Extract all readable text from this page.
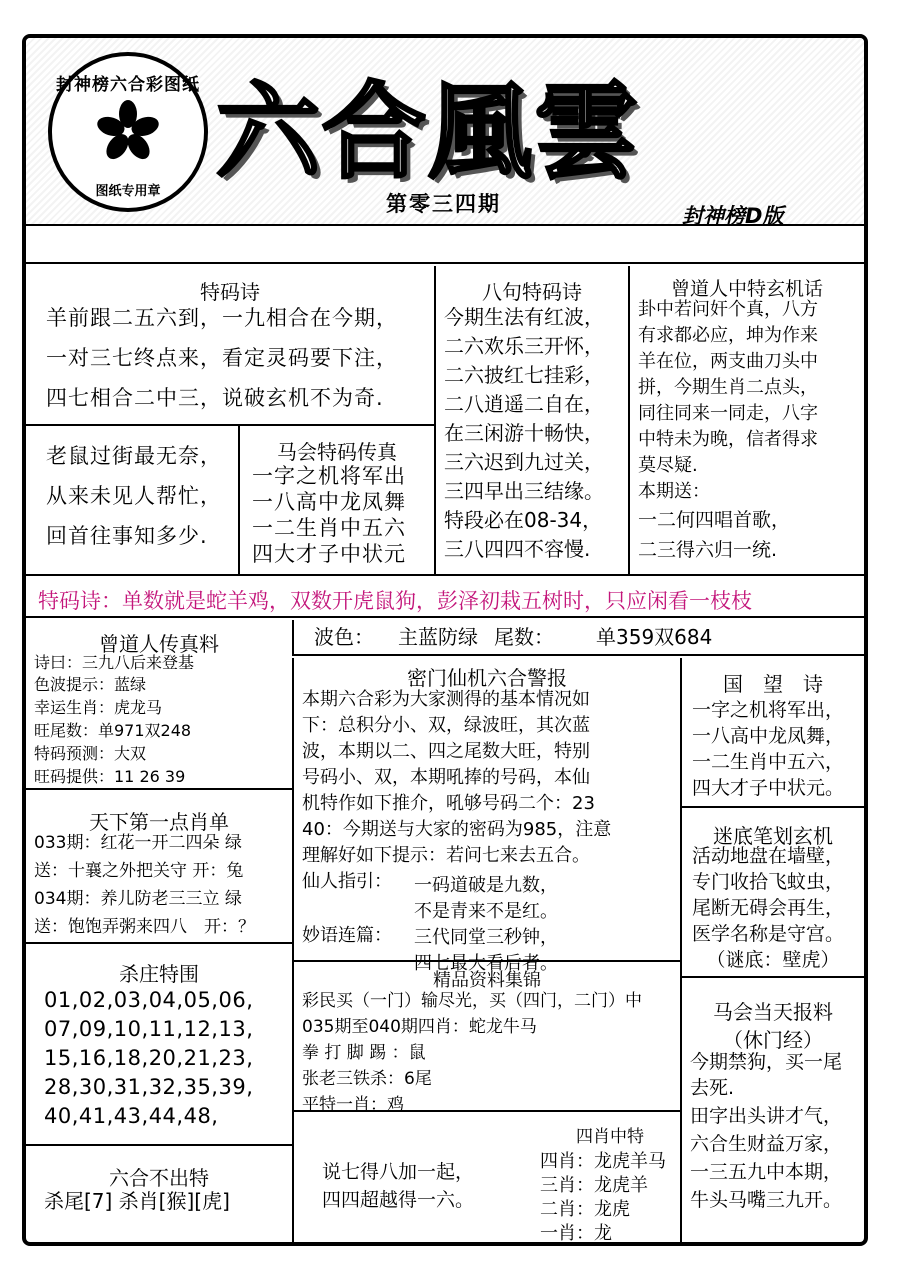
封神榜六合彩图纸
图纸专用章 六合風雲
第零三四期	封神榜D版
特码诗
羊前跟二五六到，一九相合在今期，
一对三七终点来，看定灵码要下注，
四七相合二中三，说破玄机不为奇.
老鼠过街最无奈，
从来未见人帮忙，
回首往事知多少.
马会特码传真
一字之机将军出
一八高中龙凤舞
一二生肖中五六
四大才子中状元
八句特码诗
今期生法有红波，
二六欢乐三开怀，
二六披红七挂彩，
二八逍遥二自在，
在三闲游十畅快，
三六迟到九过关，
三四早出三结缘。
特段必在08-34，
三八四四不容慢.
曾道人中特玄机话
卦中若问奸个真，八方
有求都必应，坤为作来
羊在位，两支曲刀头中
拼，今期生肖二点头，
同往同来一同走，八字
中特未为晚，信者得求
莫尽疑.
本期送：
一二何四唱首歌，
二三得六归一统.
特码诗：单数就是蛇羊鸡，双数开虎鼠狗，彭泽初栽五树时，只应闲看一枝枝
曾道人传真料
诗曰：三九八后来登基
色波提示：蓝绿
幸运生肖：虎龙马
旺尾数：单971双248
特码预测：大双
旺码提供：11 26 39
天下第一点肖单
033期：红花一开二四朵 绿
送：十襄之外把关守 开：兔
034期：养儿防老三三立 绿
送：饱饱弄粥来四八　开：？
杀庄特围
01,02,03,04,05,06,
07,09,10,11,12,13,
15,16,18,20,21,23,
28,30,31,32,35,39,
40,41,43,44,48,
六合不出特
杀尾[7] 杀肖[猴][虎]
波色： 主蓝防绿 尾数： 单359双684
密门仙机六合警报
本期六合彩为大家测得的基本情况如
下：总积分小、双，绿波旺，其次蓝
波，本期以二、四之尾数大旺，特别
号码小、双，本期吼捧的号码，本仙
机特作如下推介，吼够号码二个：23
40：今期送与大家的密码为985，注意
理解好如下提示：若问七来去五合。
仙人指引： 一码道破是九数，
不是青来不是红。
妙语连篇： 三代同堂三秒钟，
四七最大看后者。
精品资料集锦
彩民买（一门）输尽光，买（四门，二门）中
035期至040期四肖：蛇龙牛马
拳 打 脚 踢 ：鼠
张老三铁杀：6尾
平特一肖：鸡
说七得八加一起，
四四超越得一六。
四肖中特
四肖：龙虎羊马
三肖：龙虎羊
二肖：龙虎
一肖：龙
国　望　诗
一字之机将军出，
一八高中龙凤舞，
一二生肖中五六，
四大才子中状元。
迷底笔划玄机
活动地盘在墙壁，
专门收拾飞蚊虫，
尾断无碍会再生，
医学名称是守宫。
（谜底：壁虎）
马会当天报料
（休门经）
今期禁狗，买一尾
去死.
田字出头讲才气，
六合生财益万家，
一三五九中本期，
牛头马嘴三九开。
